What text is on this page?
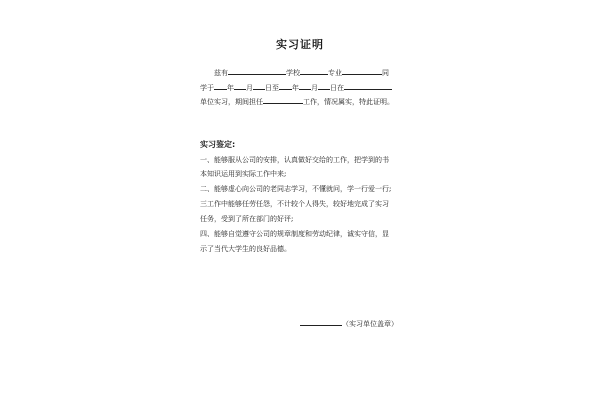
实习证明
兹有	学校	专业	同
学于 年 月 日至 年 月 日在
单位实习，期间担任	工作，情况属实，特此证明。
实习鉴定:
一、能够服从公司的安排，认真做好交给的工作，把学到的书
本知识运用到实际工作中来;
二、能够虚心向公司的老同志学习，不懂就问，学一行爱一行;
三工作中能够任劳任怨，不计较个人得失，较好地完成了实习
任务，受到了所在部门的好评;
四、能够自觉遵守公司的规章制度和劳动纪律，诚实守信，显
示了当代大学生的良好品德。
（实习单位盖章）
